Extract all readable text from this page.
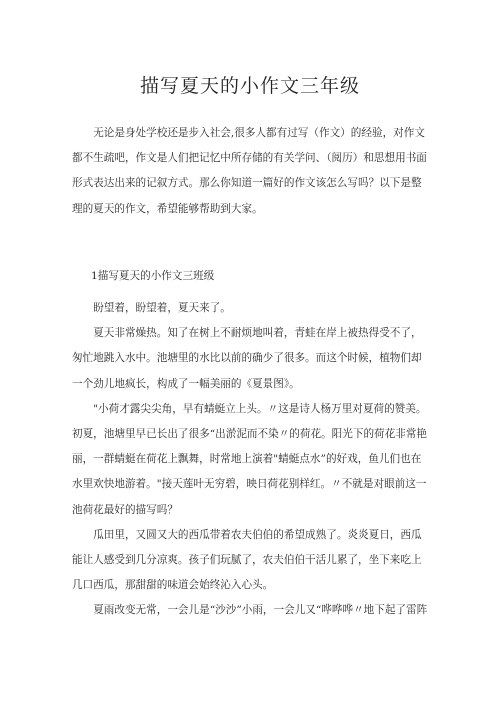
描写夏天的小作文三年级

无论是身处学校还是步入社会,很多人都有过写（作文）的经验，对作文都不生疏吧，作文是人们把记忆中所存储的有关学问、（阅历）和思想用书面形式表达出来的记叙方式。那么你知道一篇好的作文该怎么写吗？以下是整理的夏天的作文，希望能够帮助到大家。

1描写夏天的小作文三班级

盼望着，盼望着，夏天来了。

夏天非常燥热。知了在树上不耐烦地叫着，青蛙在岸上被热得受不了，匆忙地跳入水中。池塘里的水比以前的确少了很多。而这个时候，植物们却一个劲儿地疯长，构成了一幅美丽的《夏景图》。

"小荷才露尖尖角，早有蜻蜓立上头。〃这是诗人杨万里对夏荷的赞美。初夏，池塘里早已长出了很多“出淤泥而不染〃的荷花。阳光下的荷花非常艳丽，一群蜻蜓在荷花上飘舞，时常地上演着"蜻蜓点水”的好戏，鱼儿们也在水里欢快地游着。"接天莲叶无穷碧，映日荷花别样红。〃不就是对眼前这一池荷花最好的描写吗？

瓜田里，又圆又大的西瓜带着农夫伯伯的希望成熟了。炎炎夏日，西瓜能让人感受到几分凉爽。孩子们玩腻了，农夫伯伯干活儿累了，坐下来吃上几口西瓜，那甜甜的味道会始终沁入心头。

夏雨改变无常，一会儿是“沙沙”小雨，一会儿又“哗哗哗〃地下起了雷阵
